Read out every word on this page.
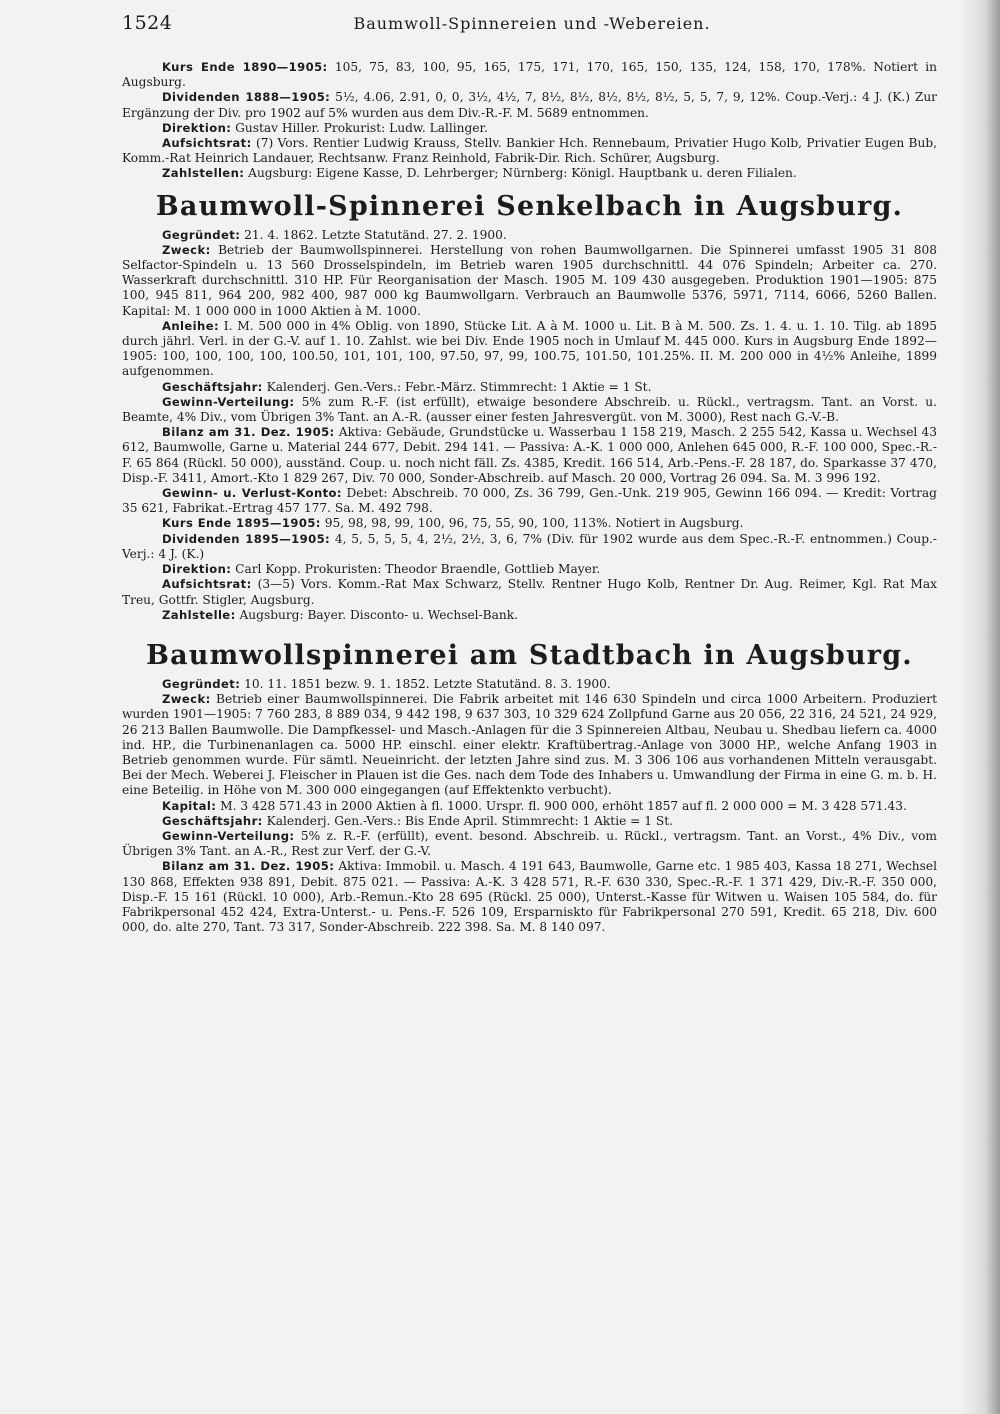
1524	Baumwoll-Spinnereien und -Webereien.

Kurs Ende 1890—1905: 105, 75, 83, 100, 95, 165, 175, 171, 170, 165, 150, 135, 124, 158, 170, 178%. Notiert in Augsburg.

Dividenden 1888—1905: 5½, 4.06, 2.91, 0, 0, 3½, 4½, 7, 8½, 8½, 8½, 8½, 8½, 5, 5, 7, 9, 12%. Coup.-Verj.: 4 J. (K.) Zur Ergänzung der Div. pro 1902 auf 5% wurden aus dem Div.-R.-F. M. 5689 entnommen.

Direktion: Gustav Hiller. Prokurist: Ludw. Lallinger.

Aufsichtsrat: (7) Vors. Rentier Ludwig Krauss, Stellv. Bankier Hch. Rennebaum, Privatier Hugo Kolb, Privatier Eugen Bub, Komm.-Rat Heinrich Landauer, Rechtsanw. Franz Reinhold, Fabrik-Dir. Rich. Schürer, Augsburg.

Zahlstellen: Augsburg: Eigene Kasse, D. Lehrberger; Nürnberg: Königl. Hauptbank u. deren Filialen.

Baumwoll-Spinnerei Senkelbach in Augsburg.

Gegründet: 21. 4. 1862. Letzte Statutänd. 27. 2. 1900.

Zweck: Betrieb der Baumwollspinnerei. Herstellung von rohen Baumwollgarnen. Die Spinnerei umfasst 1905 31 808 Selfactor-Spindeln u. 13 560 Drosselspindeln, im Betrieb waren 1905 durchschnittl. 44 076 Spindeln; Arbeiter ca. 270. Wasserkraft durchschnittl. 310 HP. Für Reorganisation der Masch. 1905 M. 109 430 ausgegeben. Produktion 1901—1905: 875 100, 945 811, 964 200, 982 400, 987 000 kg Baumwollgarn. Verbrauch an Baumwolle 5376, 5971, 7114, 6066, 5260 Ballen. Kapital: M. 1 000 000 in 1000 Aktien à M. 1000.

Anleihe: I. M. 500 000 in 4% Oblig. von 1890, Stücke Lit. A à M. 1000 u. Lit. B à M. 500. Zs. 1. 4. u. 1. 10. Tilg. ab 1895 durch jährl. Verl. in der G.-V. auf 1. 10. Zahlst. wie bei Div. Ende 1905 noch in Umlauf M. 445 000. Kurs in Augsburg Ende 1892—1905: 100, 100, 100, 100, 100.50, 101, 101, 100, 97.50, 97, 99, 100.75, 101.50, 101.25%. II. M. 200 000 in 4½% Anleihe, 1899 aufgenommen.

Geschäftsjahr: Kalenderj. Gen.-Vers.: Febr.-März. Stimmrecht: 1 Aktie = 1 St.

Gewinn-Verteilung: 5% zum R.-F. (ist erfüllt), etwaige besondere Abschreib. u. Rückl., vertragsm. Tant. an Vorst. u. Beamte, 4% Div., vom Übrigen 3% Tant. an A.-R. (ausser einer festen Jahresvergüt. von M. 3000), Rest nach G.-V.-B.

Bilanz am 31. Dez. 1905: Aktiva: Gebäude, Grundstücke u. Wasserbau 1 158 219, Masch. 2 255 542, Kassa u. Wechsel 43 612, Baumwolle, Garne u. Material 244 677, Debit. 294 141. — Passiva: A.-K. 1 000 000, Anlehen 645 000, R.-F. 100 000, Spec.-R.-F. 65 864 (Rückl. 50 000), ausständ. Coup. u. noch nicht fäll. Zs. 4385, Kredit. 166 514, Arb.-Pens.-F. 28 187, do. Sparkasse 37 470, Disp.-F. 3411, Amort.-Kto 1 829 267, Div. 70 000, Sonder-Abschreib. auf Masch. 20 000, Vortrag 26 094. Sa. M. 3 996 192.

Gewinn- u. Verlust-Konto: Debet: Abschreib. 70 000, Zs. 36 799, Gen.-Unk. 219 905, Gewinn 166 094. — Kredit: Vortrag 35 621, Fabrikat.-Ertrag 457 177. Sa. M. 492 798.

Kurs Ende 1895—1905: 95, 98, 98, 99, 100, 96, 75, 55, 90, 100, 113%. Notiert in Augsburg.

Dividenden 1895—1905: 4, 5, 5, 5, 5, 4, 2½, 2½, 3, 6, 7% (Div. für 1902 wurde aus dem Spec.-R.-F. entnommen.) Coup.-Verj.: 4 J. (K.)

Direktion: Carl Kopp. Prokuristen: Theodor Braendle, Gottlieb Mayer.

Aufsichtsrat: (3—5) Vors. Komm.-Rat Max Schwarz, Stellv. Rentner Hugo Kolb, Rentner Dr. Aug. Reimer, Kgl. Rat Max Treu, Gottfr. Stigler, Augsburg.

Zahlstelle: Augsburg: Bayer. Disconto- u. Wechsel-Bank.

Baumwollspinnerei am Stadtbach in Augsburg.

Gegründet: 10. 11. 1851 bezw. 9. 1. 1852. Letzte Statutänd. 8. 3. 1900.

Zweck: Betrieb einer Baumwollspinnerei. Die Fabrik arbeitet mit 146 630 Spindeln und circa 1000 Arbeitern. Produziert wurden 1901—1905: 7 760 283, 8 889 034, 9 442 198, 9 637 303, 10 329 624 Zollpfund Garne aus 20 056, 22 316, 24 521, 24 929, 26 213 Ballen Baumwolle. Die Dampfkessel- und Masch.-Anlagen für die 3 Spinnereien Altbau, Neubau u. Shedbau liefern ca. 4000 ind. HP., die Turbinenanlagen ca. 5000 HP. einschl. einer elektr. Kraftübertrag.-Anlage von 3000 HP., welche Anfang 1903 in Betrieb genommen wurde. Für sämtl. Neueinricht. der letzten Jahre sind zus. M. 3 306 106 aus vorhandenen Mitteln verausgabt. Bei der Mech. Weberei J. Fleischer in Plauen ist die Ges. nach dem Tode des Inhabers u. Umwandlung der Firma in eine G. m. b. H. eine Beteilig. in Höhe von M. 300 000 eingegangen (auf Effektenkto verbucht).

Kapital: M. 3 428 571.43 in 2000 Aktien à fl. 1000. Urspr. fl. 900 000, erhöht 1857 auf fl. 2 000 000 = M. 3 428 571.43.

Geschäftsjahr: Kalenderj. Gen.-Vers.: Bis Ende April. Stimmrecht: 1 Aktie = 1 St.

Gewinn-Verteilung: 5% z. R.-F. (erfüllt), event. besond. Abschreib. u. Rückl., vertragsm. Tant. an Vorst., 4% Div., vom Übrigen 3% Tant. an A.-R., Rest zur Verf. der G.-V.

Bilanz am 31. Dez. 1905: Aktiva: Immobil. u. Masch. 4 191 643, Baumwolle, Garne etc. 1 985 403, Kassa 18 271, Wechsel 130 868, Effekten 938 891, Debit. 875 021. — Passiva: A.-K. 3 428 571, R.-F. 630 330, Spec.-R.-F. 1 371 429, Div.-R.-F. 350 000, Disp.-F. 15 161 (Rückl. 10 000), Arb.-Remun.-Kto 28 695 (Rückl. 25 000), Unterst.-Kasse für Witwen u. Waisen 105 584, do. für Fabrikpersonal 452 424, Extra-Unterst.- u. Pens.-F. 526 109, Ersparniskto für Fabrikpersonal 270 591, Kredit. 65 218, Div. 600 000, do. alte 270, Tant. 73 317, Sonder-Abschreib. 222 398. Sa. M. 8 140 097.
